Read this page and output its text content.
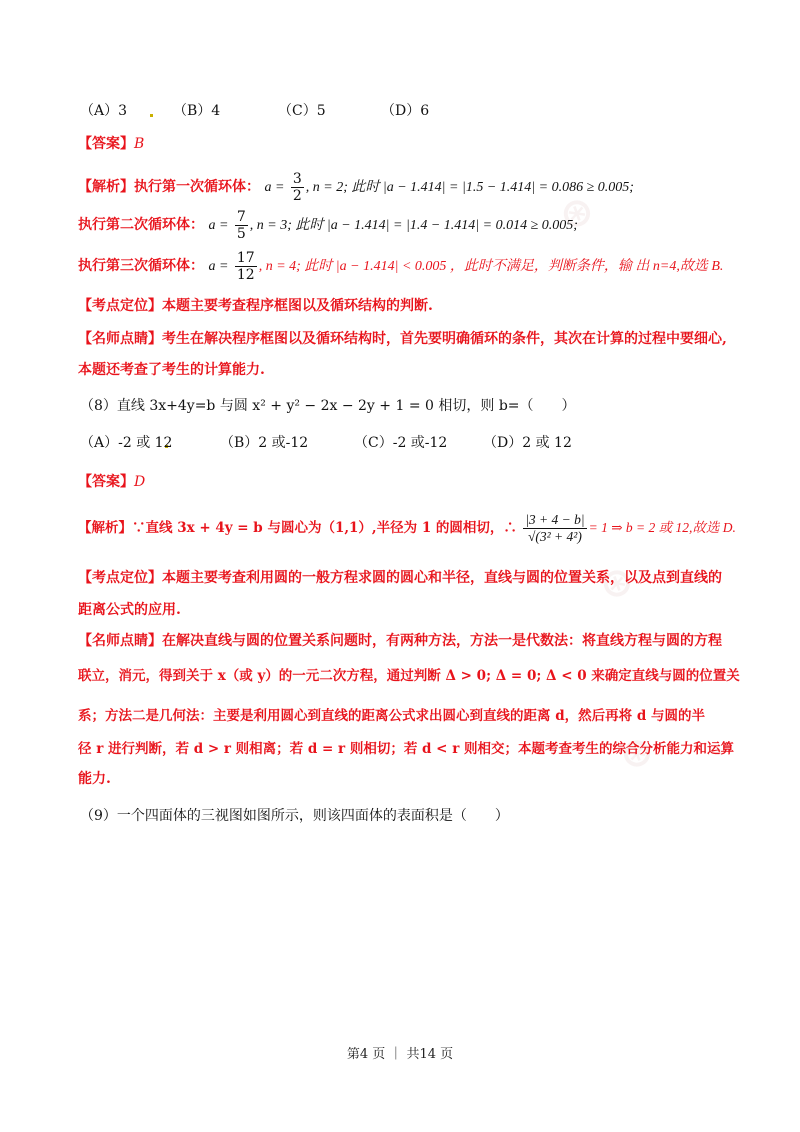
⊛
⊛
⊛
（A）3	（B）4	（C）5	（D）6
【答案】B
【解析】执行第一次循环体： $a = \frac{3}{2}$ , n = 2; 此时 |a − 1.414| = |1.5 − 1.414| = 0.086 ≥ 0.005;
执行第二次循环体： $a = \frac{7}{5}$ , n = 3; 此时 |a − 1.414| = |1.4 − 1.414| = 0.014 ≥ 0.005;
执行第三次循环体： $a = \frac{17}{12}$ , n = 4; 此时 |a − 1.414| < 0.005 ，此时不满足，判断条件，输 出 n=4,故选 B.
【考点定位】本题主要考查程序框图以及循环结构的判断.
【名师点睛】考生在解决程序框图以及循环结构时，首先要明确循环的条件，其次在计算的过程中要细心,
本题还考查了考生的计算能力.
（8）直线 3x+4y=b 与圆 x² + y² − 2x − 2y + 1 = 0 相切，则 b=（　　）
（A）-2 或 12	（B）2 或-12	（C）-2 或-12	（D）2 或 12
【答案】D
【解析】∵直线 3x + 4y = b 与圆心为（1,1）,半径为 1 的圆相切，∴ $\frac{|3 + 4 - b|}{\text{√(3² + 4²)}} = 1$ ⇒ b = 2 或 12,故选 D.
【考点定位】本题主要考查利用圆的一般方程求圆的圆心和半径，直线与圆的位置关系，以及点到直线的
距离公式的应用.
【名师点睛】在解决直线与圆的位置关系问题时，有两种方法，方法一是代数法：将直线方程与圆的方程
联立，消元，得到关于 x（或 y）的一元二次方程，通过判断 Δ > 0; Δ = 0; Δ < 0 来确定直线与圆的位置关
系；方法二是几何法：主要是利用圆心到直线的距离公式求出圆心到直线的距离 d，然后再将 d 与圆的半
径 r 进行判断，若 d > r 则相离；若 d = r 则相切；若 d < r 则相交；本题考查考生的综合分析能力和运算
能力.
（9）一个四面体的三视图如图所示，则该四面体的表面积是（　　）
第4 页 ｜ 共14 页
